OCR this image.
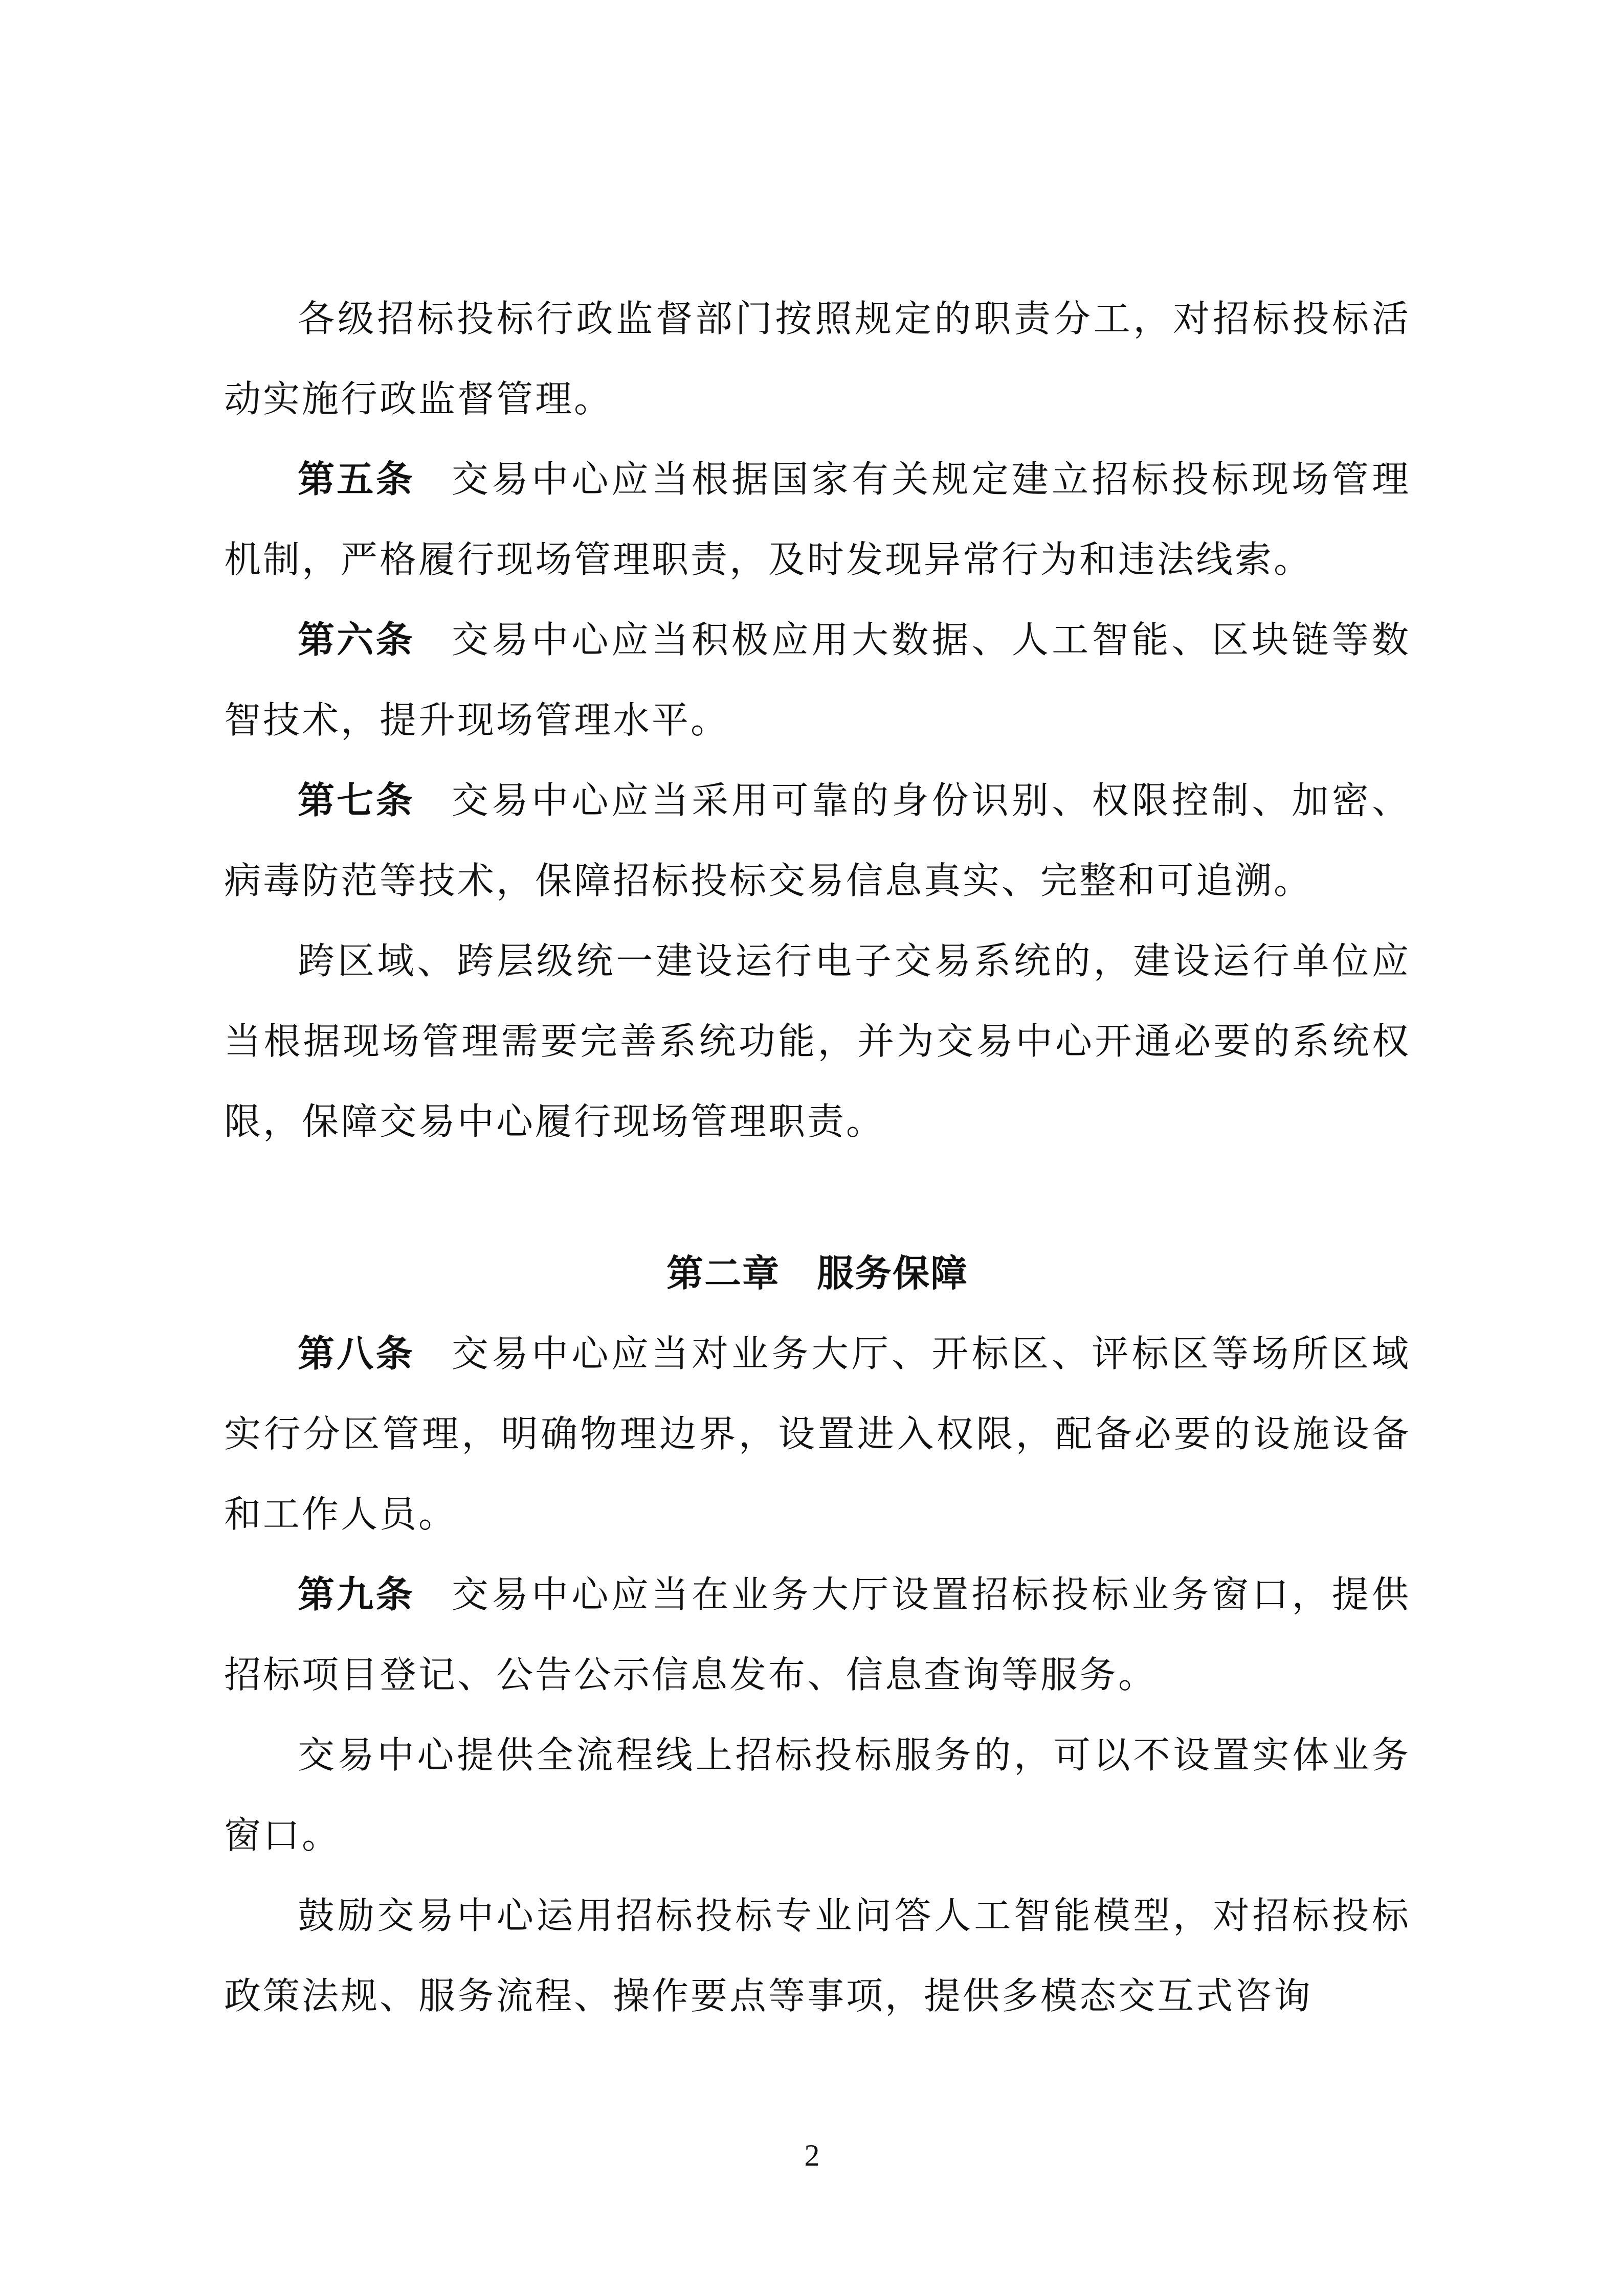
各级招标投标行政监督部门按照规定的职责分工，对招标投标活动实施行政监督管理。

第五条 交易中心应当根据国家有关规定建立招标投标现场管理机制，严格履行现场管理职责，及时发现异常行为和违法线索。

第六条 交易中心应当积极应用大数据、人工智能、区块链等数智技术，提升现场管理水平。

第七条 交易中心应当采用可靠的身份识别、权限控制、加密、病毒防范等技术，保障招标投标交易信息真实、完整和可追溯。

跨区域、跨层级统一建设运行电子交易系统的，建设运行单位应当根据现场管理需要完善系统功能，并为交易中心开通必要的系统权限，保障交易中心履行现场管理职责。

第二章 服务保障

第八条 交易中心应当对业务大厅、开标区、评标区等场所区域实行分区管理，明确物理边界，设置进入权限，配备必要的设施设备和工作人员。

第九条 交易中心应当在业务大厅设置招标投标业务窗口，提供招标项目登记、公告公示信息发布、信息查询等服务。

交易中心提供全流程线上招标投标服务的，可以不设置实体业务窗口。

鼓励交易中心运用招标投标专业问答人工智能模型，对招标投标政策法规、服务流程、操作要点等事项，提供多模态交互式咨询

2
